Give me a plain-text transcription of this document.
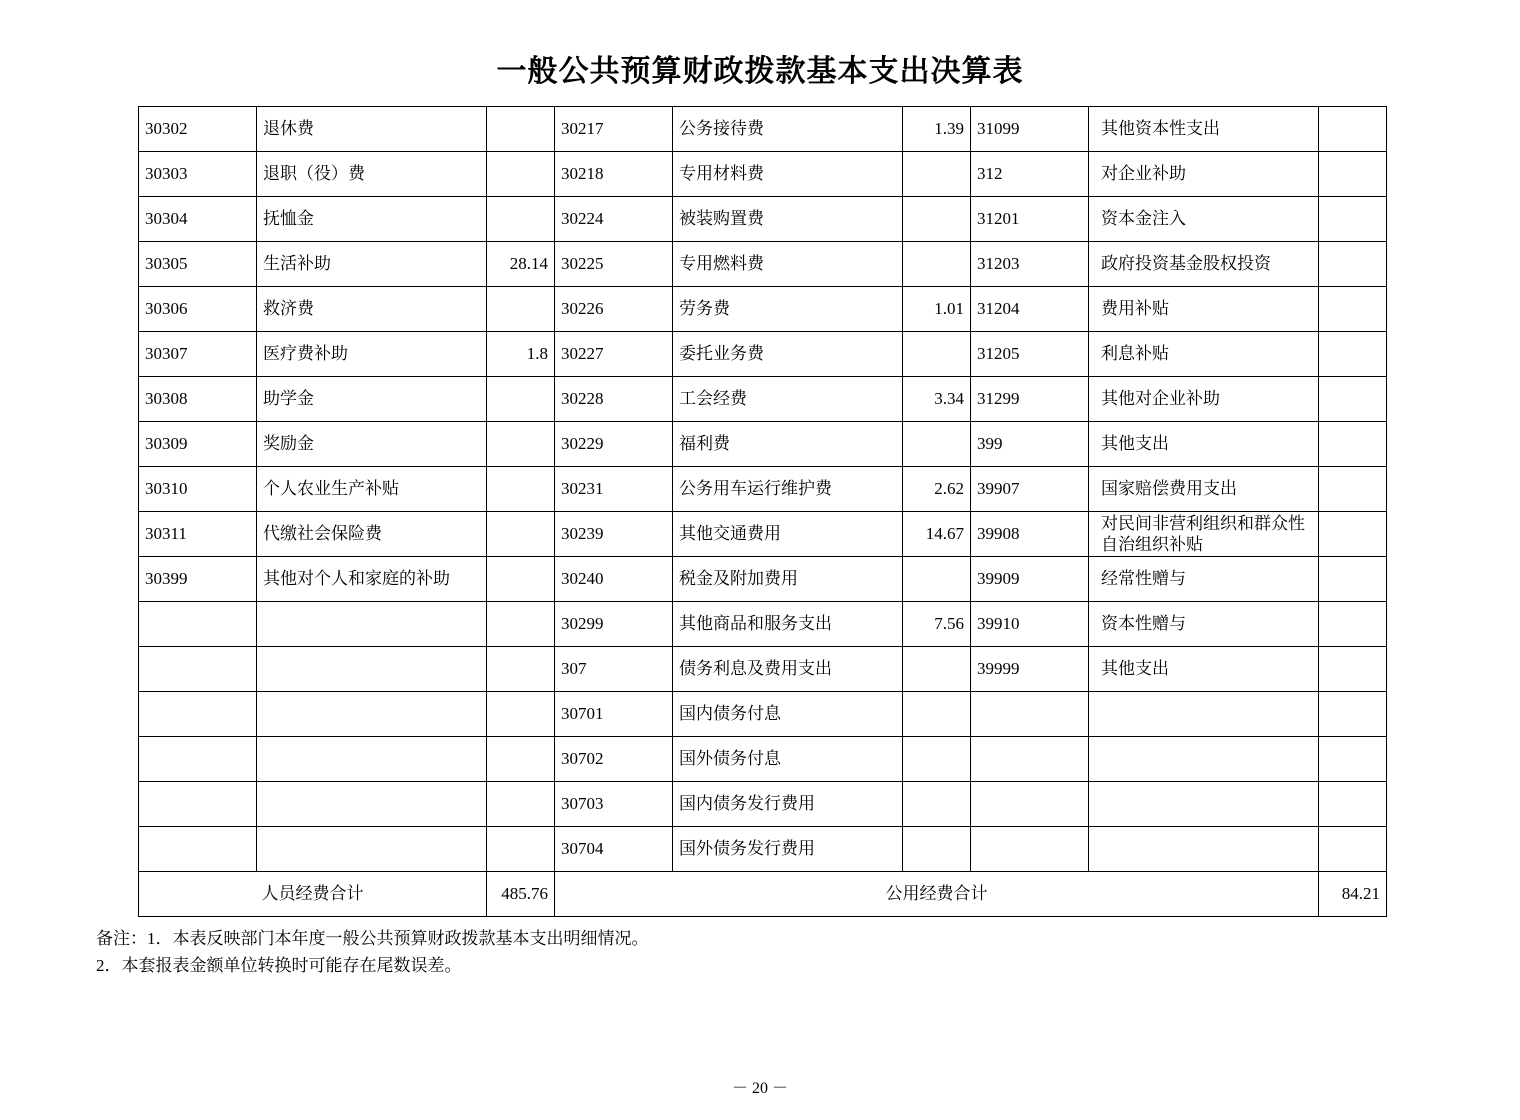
一般公共预算财政拨款基本支出决算表
30302	退休费		30217	公务接待费	1.39	31099	其他资本性支出	
30303	退职（役）费		30218	专用材料费		312	对企业补助	
30304	抚恤金		30224	被装购置费		31201	资本金注入	
30305	生活补助	28.14	30225	专用燃料费		31203	政府投资基金股权投资	
30306	救济费		30226	劳务费	1.01	31204	费用补贴	
30307	医疗费补助	1.8	30227	委托业务费		31205	利息补贴	
30308	助学金		30228	工会经费	3.34	31299	其他对企业补助	
30309	奖励金		30229	福利费		399	其他支出	
30310	个人农业生产补贴		30231	公务用车运行维护费	2.62	39907	国家赔偿费用支出	
30311	代缴社会保险费		30239	其他交通费用	14.67	39908	对民间非营利组织和群众性自治组织补贴	
30399	其他对个人和家庭的补助		30240	税金及附加费用		39909	经常性赠与	
			30299	其他商品和服务支出	7.56	39910	资本性赠与	
			307	债务利息及费用支出		39999	其他支出	
			30701	国内债务付息				
			30702	国外债务付息				
			30703	国内债务发行费用				
			30704	国外债务发行费用				
人员经费合计		485.76	公用经费合计					84.21
备注：1．本表反映部门本年度一般公共预算财政拨款基本支出明细情况。
2．本套报表金额单位转换时可能存在尾数误差。
－ 20 －
